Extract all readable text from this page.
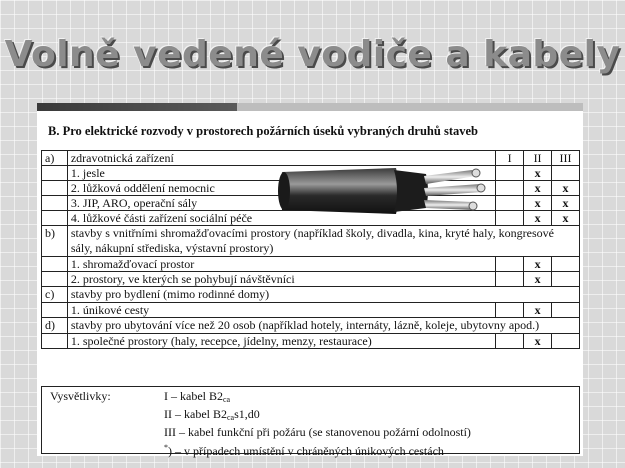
Volně vedené vodiče a kabely
B. Pro elektrické rozvody v prostorech požárních úseků vybraných druhů staveb
a)	zdravotnická zařízení	I	II	III
	1. jesle		x	
	2. lůžková oddělení nemocnic		x	x
	3. JIP, ARO, operační sály		x	x
	4. lůžkové části zařízení sociální péče		x	x
b)	stavby s vnitřními shromažďovacími prostory (například školy, divadla, kina, kryté haly, kongresové sály, nákupní střediska, výstavní prostory)			
	1. shromažďovací prostor		x	
	2. prostory, ve kterých se pohybují návštěvníci		x	
c)	stavby pro bydlení (mimo rodinné domy)			
	1. únikové cesty		x	
d)	stavby pro ubytování více než 20 osob (například hotely, internáty, lázně, koleje, ubytovny apod.)			
	1. společné prostory (haly, recepce, jídelny, menzy, restaurace)		x	
Vysvětlivky:	I – kabel $B2_{ca}$
II – kabel $B2_{ca}s1,d0$
III – kabel funkční při požáru (se stanovenou požární odolností)
*) – v případech umístění v chráněných únikových cestách
